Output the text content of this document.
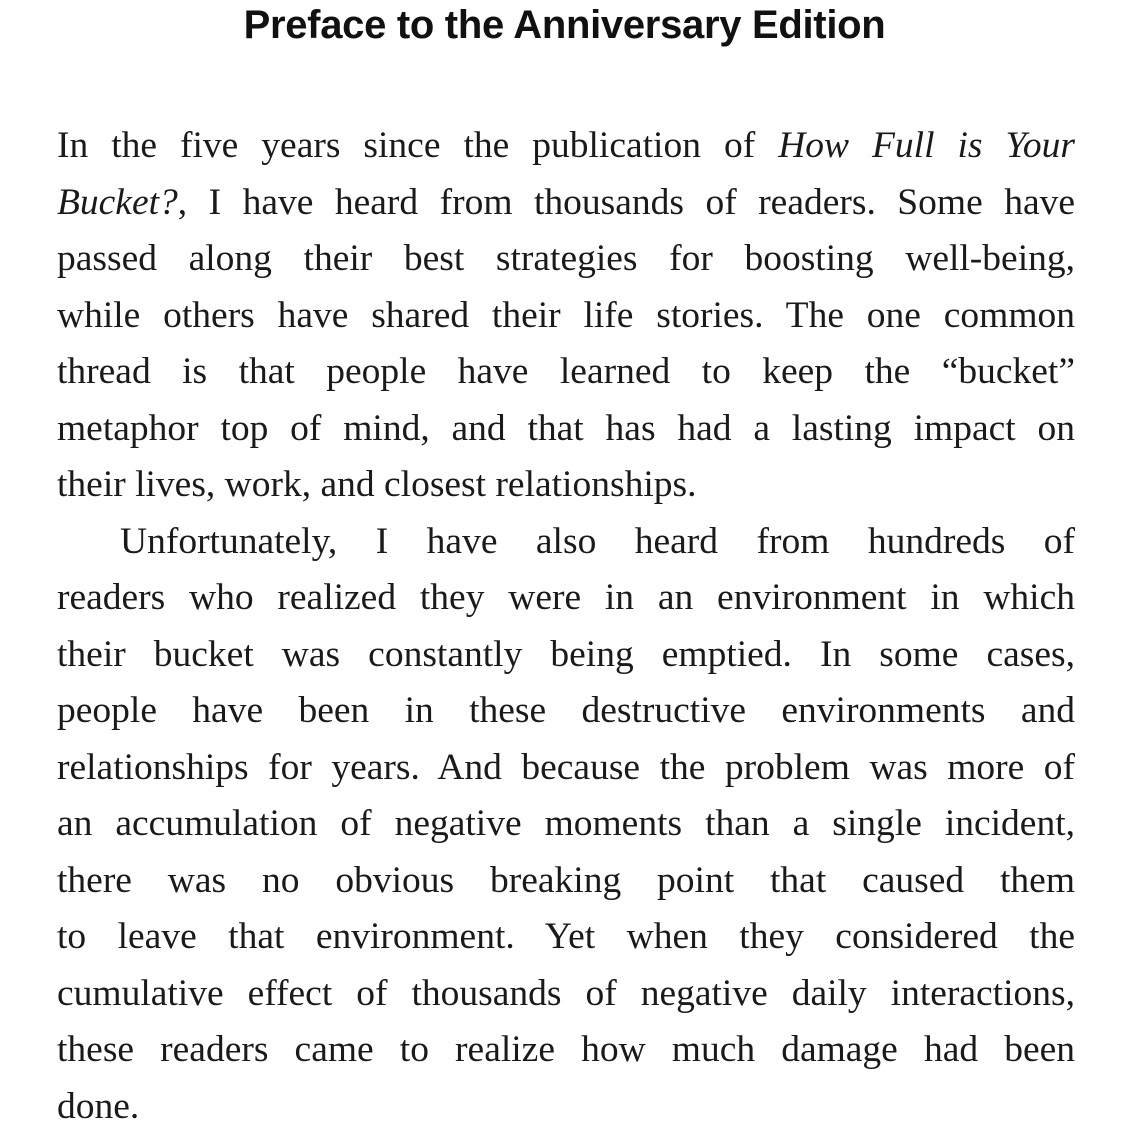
Preface to the Anniversary Edition
In the five years since the publication of How Full is Your
Bucket?, I have heard from thousands of readers. Some have
passed along their best strategies for boosting well-being,
while others have shared their life stories. The one common
thread is that people have learned to keep the “bucket”
metaphor top of mind, and that has had a lasting impact on
their lives, work, and closest relationships.
Unfortunately, I have also heard from hundreds of
readers who realized they were in an environment in which
their bucket was constantly being emptied. In some cases,
people have been in these destructive environments and
relationships for years. And because the problem was more of
an accumulation of negative moments than a single incident,
there was no obvious breaking point that caused them
to leave that environment. Yet when they considered the
cumulative effect of thousands of negative daily interactions,
these readers came to realize how much damage had been
done.
